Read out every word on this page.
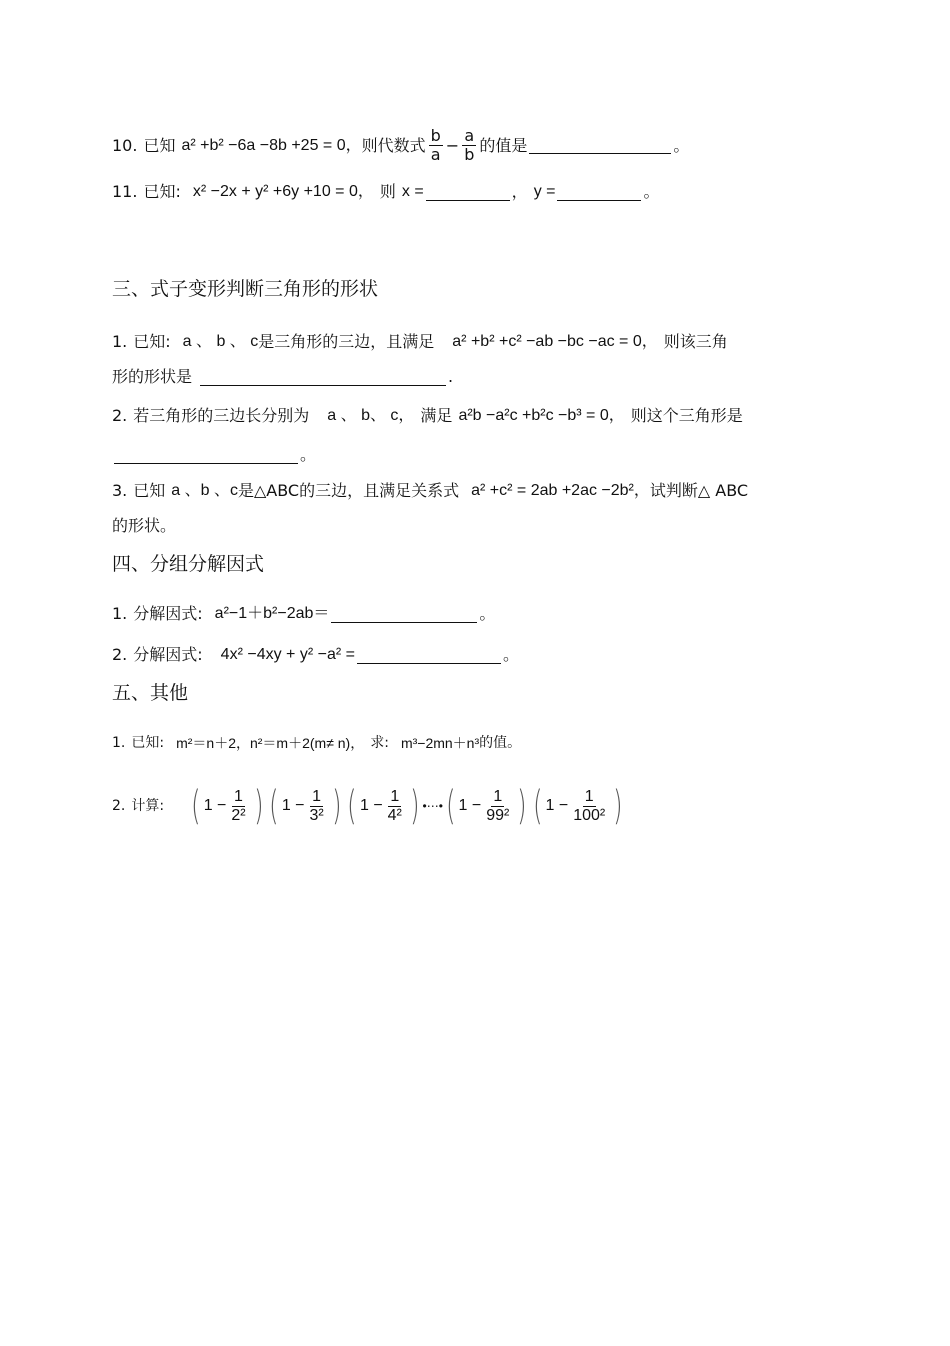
10. 已知 a² +b² −6a −8b +25 = 0， 则代数式 $\frac{b}{a} - \frac{a}{b}$ 的值是	。
11. 已知: x² −2x + y² +6y +10 = 0， 则 x =	， y =	。
三、式子变形判断三角形的形状
1. 已知: a 、 b 、 c 是三角形的三边，且满足 a² +b² +c² −ab −bc −ac = 0， 则该三角
形的形状是	.
2. 若三角形的三边长分别为 a 、 b、 c， 满足 a²b −a²c +b²c −b³ = 0， 则这个三角形是
。
3. 已知 a 、b 、c 是△ABC的三边，且满足关系式 a² +c² = 2ab +2ac −2b²， 试判断△ ABC
的形状。
四、分组分解因式
1. 分解因式: a²−1＋b²−2ab＝	。
2. 分解因式: 4x² −4xy + y² −a² =	。
五、其他
1. 已知: m²＝n＋2，n²＝m＋2(m≠ n)， 求: m³−2mn＋n³ 的值。
2. 计算: ( $1 - \frac{1}{\text{2²}}$ ) ( $1 - \frac{1}{\text{3²}}$ ) ( $1 - \frac{1}{\text{4²}}$ ) •⋯• ( $1 - \frac{1}{\text{99²}}$ ) ( $1 - \frac{1}{\text{100²}}$ )
